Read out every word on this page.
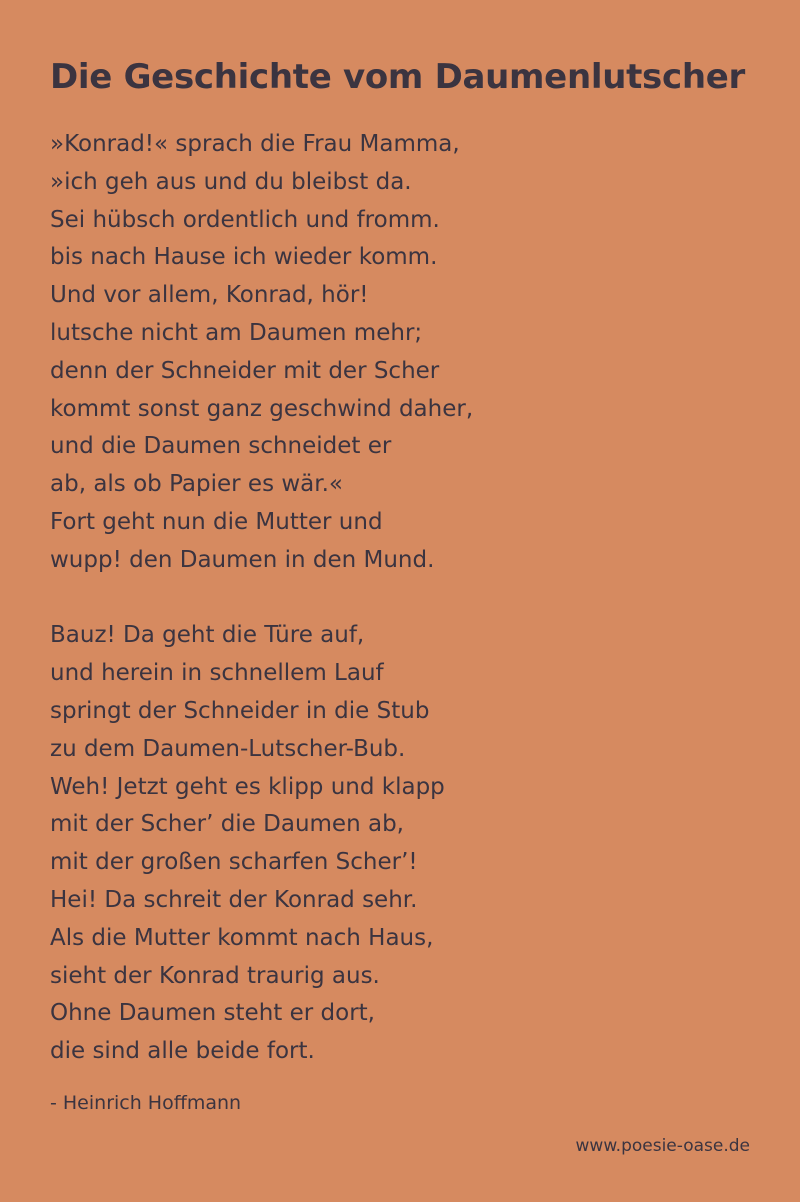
Die Geschichte vom Daumenlutscher

»Konrad!« sprach die Frau Mamma,
»ich geh aus und du bleibst da.
Sei hübsch ordentlich und fromm.
bis nach Hause ich wieder komm.
Und vor allem, Konrad, hör!
lutsche nicht am Daumen mehr;
denn der Schneider mit der Scher
kommt sonst ganz geschwind daher,
und die Daumen schneidet er
ab, als ob Papier es wär.«
Fort geht nun die Mutter und
wupp! den Daumen in den Mund.

Bauz! Da geht die Türe auf,
und herein in schnellem Lauf
springt der Schneider in die Stub
zu dem Daumen-Lutscher-Bub.
Weh! Jetzt geht es klipp und klapp
mit der Scher’ die Daumen ab,
mit der großen scharfen Scher’!
Hei! Da schreit der Konrad sehr.
Als die Mutter kommt nach Haus,
sieht der Konrad traurig aus.
Ohne Daumen steht er dort,
die sind alle beide fort.

- Heinrich Hoffmann
www.poesie-oase.de
